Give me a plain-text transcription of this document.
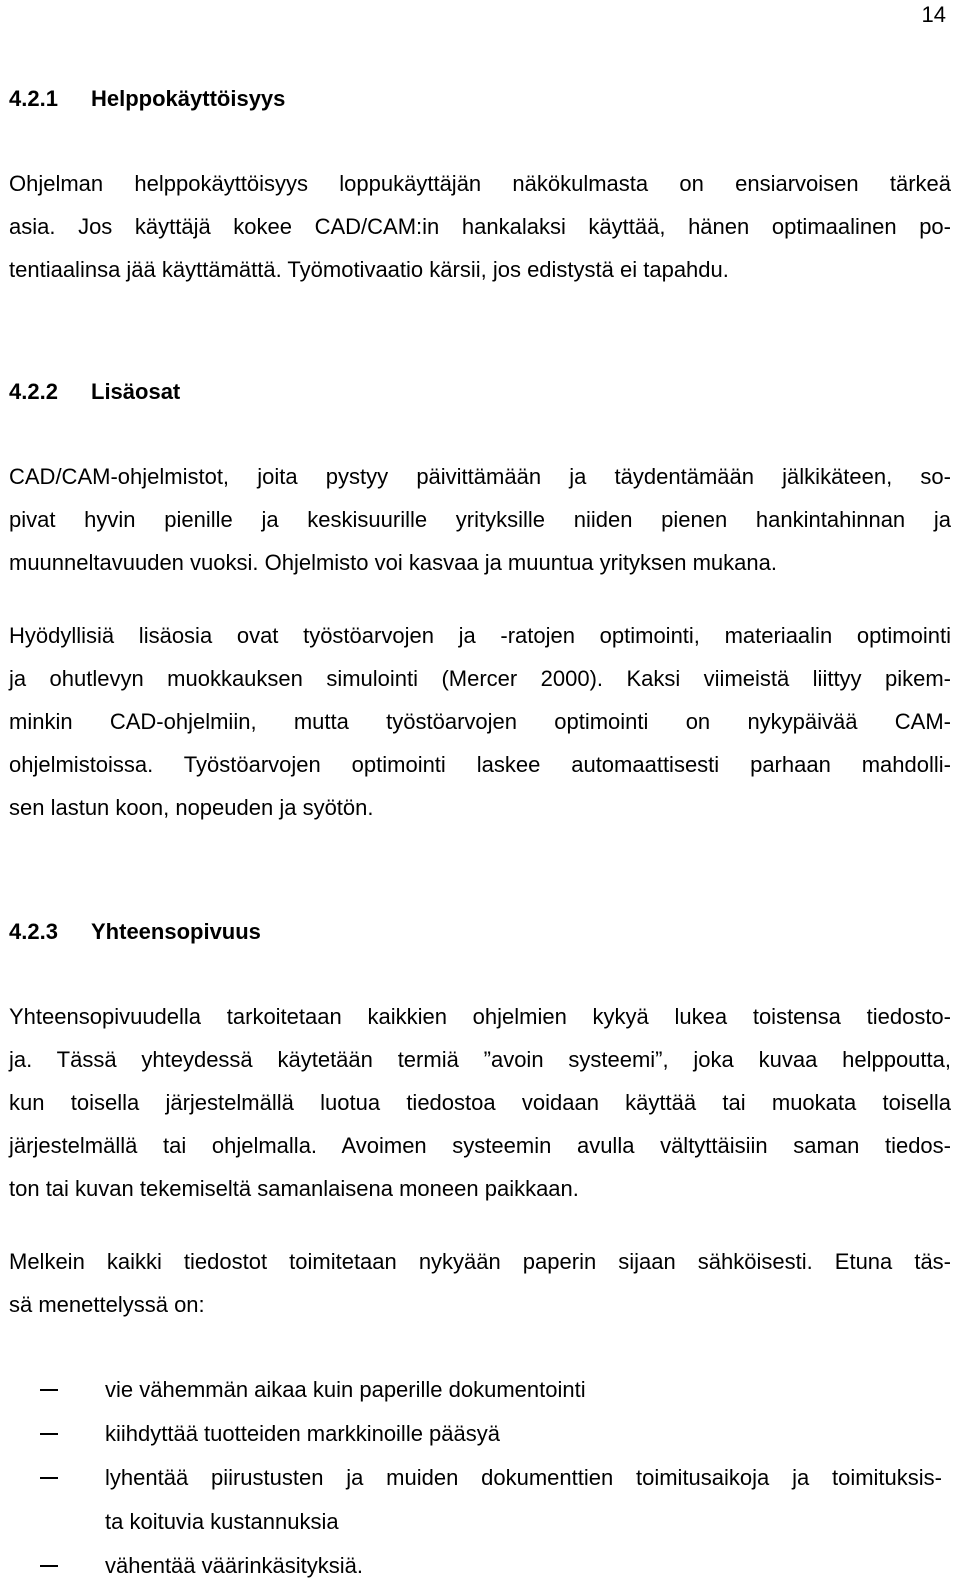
14
4.2.1 Helppokäyttöisyys

Ohjelman helppokäyttöisyys loppukäyttäjän näkökulmasta on ensiarvoisen tärkeä
asia. Jos käyttäjä kokee CAD/CAM:in hankalaksi käyttää, hänen optimaalinen po-
tentiaalinsa jää käyttämättä. Työmotivaatio kärsii, jos edistystä ei tapahdu.

4.2.2 Lisäosat

CAD/CAM-ohjelmistot, joita pystyy päivittämään ja täydentämään jälkikäteen, so-
pivat hyvin pienille ja keskisuurille yrityksille niiden pienen hankintahinnan ja
muunneltavuuden vuoksi. Ohjelmisto voi kasvaa ja muuntua yrityksen mukana.

Hyödyllisiä lisäosia ovat työstöarvojen ja -ratojen optimointi, materiaalin optimointi
ja ohutlevyn muokkauksen simulointi (Mercer 2000). Kaksi viimeistä liittyy pikem-
minkin CAD-ohjelmiin, mutta työstöarvojen optimointi on nykypäivää CAM-
ohjelmistoissa. Työstöarvojen optimointi laskee automaattisesti parhaan mahdolli-
sen lastun koon, nopeuden ja syötön.

4.2.3 Yhteensopivuus

Yhteensopivuudella tarkoitetaan kaikkien ohjelmien kykyä lukea toistensa tiedosto-
ja. Tässä yhteydessä käytetään termiä ”avoin systeemi”, joka kuvaa helppoutta,
kun toisella järjestelmällä luotua tiedostoa voidaan käyttää tai muokata toisella
järjestelmällä tai ohjelmalla. Avoimen systeemin avulla vältyttäisiin saman tiedos-
ton tai kuvan tekemiseltä samanlaisena moneen paikkaan.

Melkein kaikki tiedostot toimitetaan nykyään paperin sijaan sähköisesti. Etuna täs-
sä menettelyssä on:

vie vähemmän aikaa kuin paperille dokumentointi
kiihdyttää tuotteiden markkinoille pääsyä
lyhentää piirustusten ja muiden dokumenttien toimitusaikoja ja toimituksis-
ta koituvia kustannuksia
vähentää väärinkäsityksiä.
